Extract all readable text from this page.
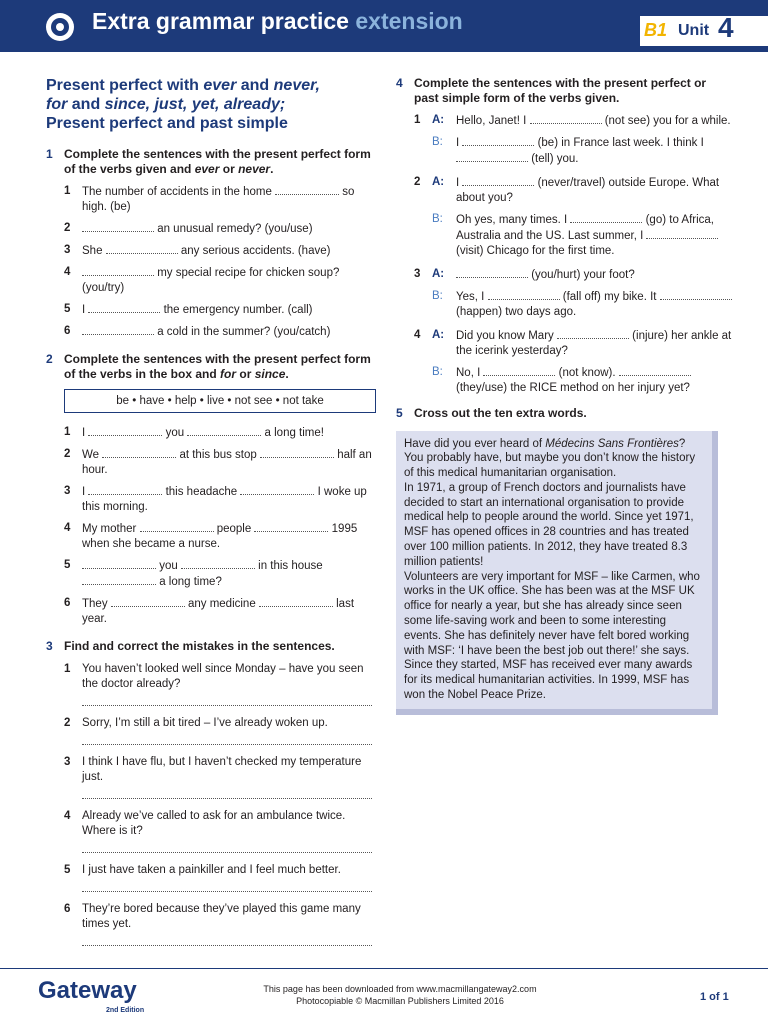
Extra grammar practice extension	B1 Unit 4
Present perfect with ever and never,
for and since, just, yet, already;
Present perfect and past simple
1 Complete the sentences with the present perfect form of the verbs given and ever or never.
1 The number of accidents in the home	so high. (be)
2	an unusual remedy? (you/use)
3 She	any serious accidents. (have)
4	my special recipe for chicken soup? (you/try)
5 I	the emergency number. (call)
6	a cold in the summer? (you/catch)
2 Complete the sentences with the present perfect form of the verbs in the box and for or since.
be • have • help • live • not see • not take
1 I	you	a long time!
2 We	at this bus stop	half an hour.
3 I	this headache	I woke up this morning.
4 My mother	people	1995 when she became a nurse.
5	you	in this house  a long time?
6 They	any medicine	last year.
3 Find and correct the mistakes in the sentences.
1 You haven’t looked well since Monday – have you seen the doctor already?
2 Sorry, I’m still a bit tired – I’ve already woken up.
3 I think I have flu, but I haven’t checked my temperature just.
4 Already we’ve called to ask for an ambulance twice. Where is it?
5 I just have taken a painkiller and I feel much better.
6 They’re bored because they’ve played this game many times yet.
4 Complete the sentences with the present perfect or past simple form of the verbs given.
1 A:	Hello, Janet! I	(not see) you for a while.
B:	I	(be) in France last week. I think I  (tell) you.
2 A:	I	(never/travel) outside Europe. What about you?
B:	Oh yes, many times. I	(go) to Africa, Australia and the US. Last summer, I  (visit) Chicago for the first time.
3 A:	(you/hurt) your foot?
B:	Yes, I	(fall off) my bike. It  (happen) two days ago.
4 A:	Did you know Mary	(injure) her ankle at the icerink yesterday?
B:	No, I	(not know).  (they/use) the RICE method on her injury yet?
5 Cross out the ten extra words.

Have did you ever heard of Médecins Sans Frontières? You probably have, but maybe you don’t know the history of this medical humanitarian organisation.

In 1971, a group of French doctors and journalists have decided to start an international organisation to provide medical help to people around the world. Since yet 1971, MSF has opened offices in 28 countries and has treated over 100 million patients. In 2012, they have treated 8.3 million patients!

Volunteers are very important for MSF – like Carmen, who works in the UK office. She has been was at the MSF UK office for nearly a year, but she has already since seen some life-saving work and been to some interesting events. She has definitely never have felt bored working with MSF: ‘I have been the best job out there!’ she says.

Since they started, MSF has received ever many awards for its medical humanitarian activities. In 1999, MSF has won the Nobel Peace Prize.

Gateway
2nd Edition
This page has been downloaded from www.macmillangateway2.com
Photocopiable © Macmillan Publishers Limited 2016	1 of 1
